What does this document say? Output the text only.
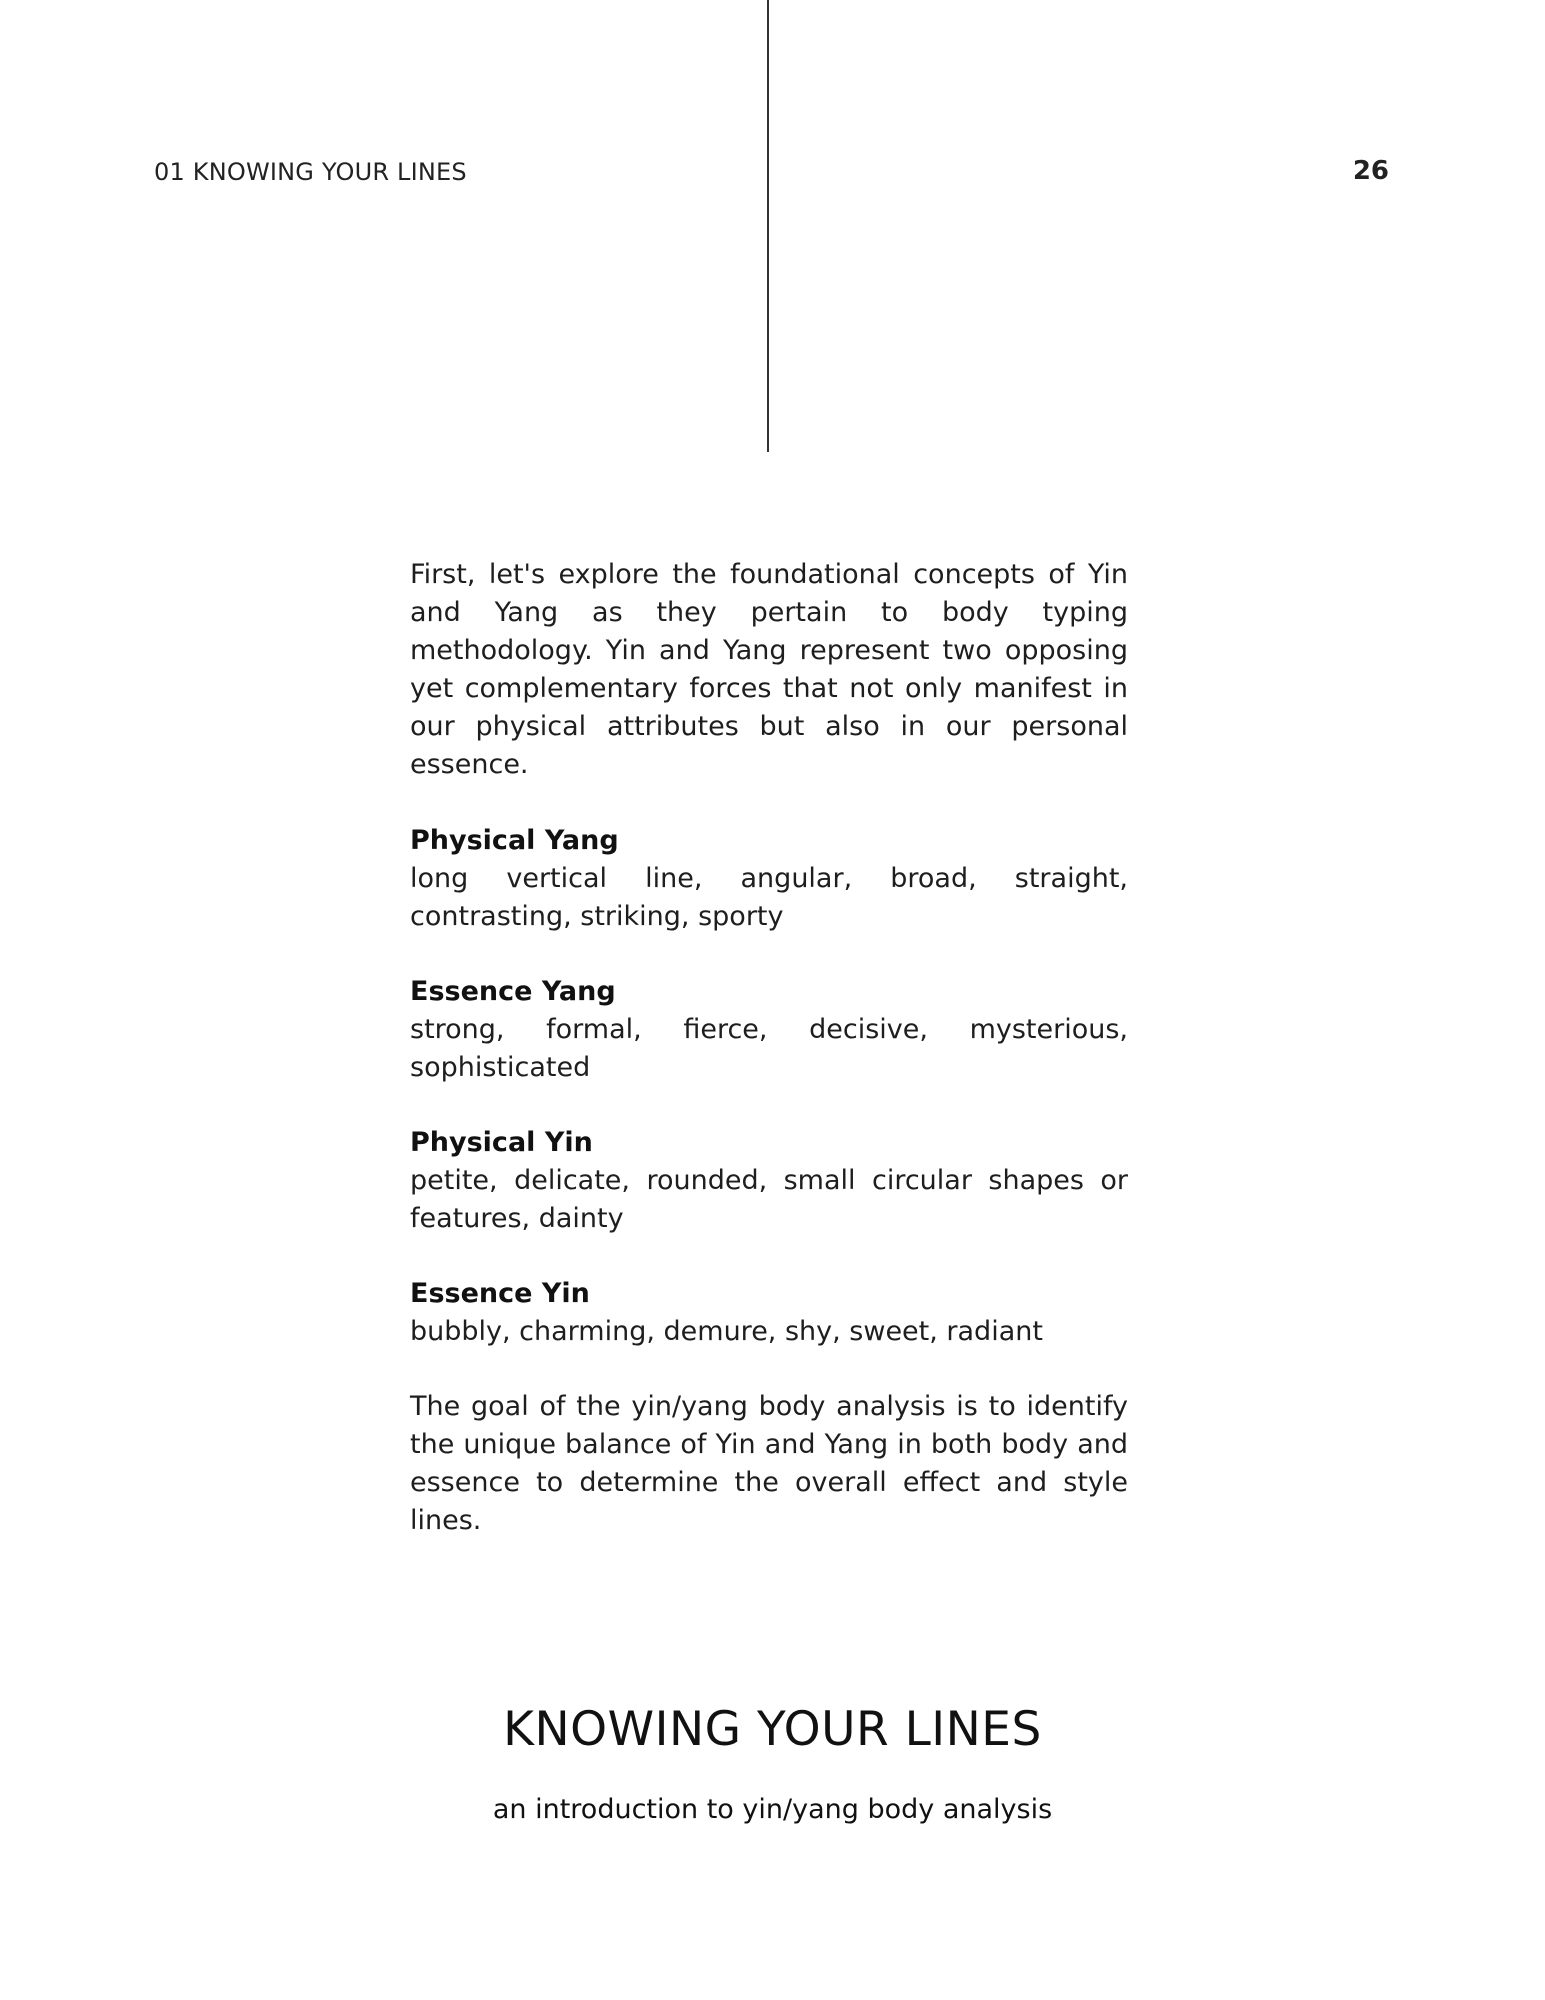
01 KNOWING YOUR LINES	26

First, let's explore the foundational concepts of Yin and Yang as they pertain to body typing methodology. Yin and Yang represent two opposing yet complementary forces that not only manifest in our physical attributes but also in our personal essence.

Physical Yang

long vertical line, angular, broad, straight, contrasting, striking, sporty

Essence Yang

strong, formal, fierce, decisive, mysterious, sophisticated

Physical Yin

petite, delicate, rounded, small circular shapes or features, dainty

Essence Yin

bubbly, charming, demure, shy, sweet, radiant

The goal of the yin/yang body analysis is to identify the unique balance of Yin and Yang in both body and essence to determine the overall effect and style lines.

KNOWING YOUR LINES
an introduction to yin/yang body analysis
